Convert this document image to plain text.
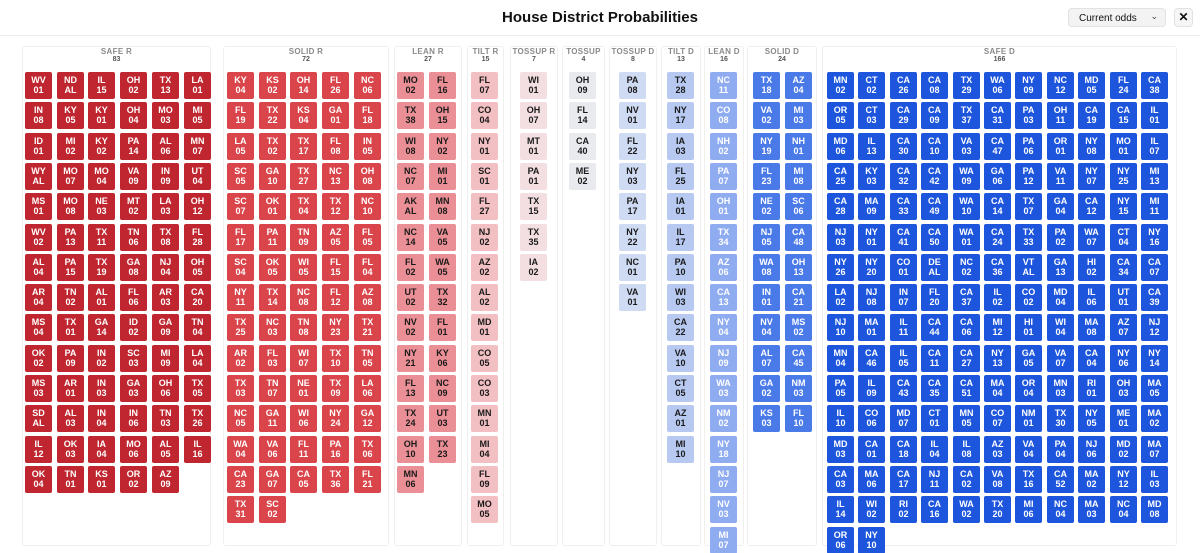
House District Probabilities	Current odds ⌄	✕
SAFE R
83
WV
01
ND
AL
IL
15
OH
02
TX
13
LA
01
IN
08
KY
05
KY
01
OH
04
MO
03
MI
05
ID
01
MI
02
KY
02
PA
14
AL
06
MN
07
WY
AL
MO
07
MO
04
VA
09
IN
09
UT
04
MS
01
MO
08
NE
03
MT
02
LA
03
OH
12
WV
02
PA
13
TX
11
TN
06
TX
08
FL
28
AL
04
PA
15
TX
19
GA
08
NJ
04
OH
05
AR
04
TN
02
AL
01
FL
06
AR
03
CA
20
MS
04
TX
01
GA
14
ID
02
GA
09
TN
04
OK
02
PA
09
IN
02
SC
03
MI
09
LA
04
MS
03
AR
01
IN
03
GA
03
OH
06
TX
05
SD
AL
AL
03
IN
04
IN
06
TN
03
TX
26
IL
12
OK
03
IA
04
MO
06
AL
05
IL
16
OK
04
TN
01
KS
01
OR
02
AZ
09
SOLID R
72
KY
04
KS
02
OH
14
FL
26
NC
06
FL
19
TX
22
KS
04
GA
01
FL
18
LA
05
TX
02
TX
17
FL
08
IN
05
SC
05
GA
10
TX
27
NC
13
OH
08
SC
07
OK
01
TX
04
TX
12
NC
10
FL
17
PA
11
TN
09
AZ
05
FL
05
SC
04
OK
05
WI
05
FL
15
FL
04
NY
11
TX
14
NC
08
FL
12
AZ
08
TX
25
NC
03
TN
08
NY
23
TX
21
AR
02
FL
03
WI
07
TX
10
TN
05
TX
03
TN
07
NE
01
TX
09
LA
06
NC
05
GA
11
WI
06
NY
24
GA
12
WA
04
VA
06
FL
11
PA
16
TX
06
CA
23
GA
07
CA
05
TX
36
FL
21
TX
31
SC
02
LEAN R
27
MO
02
FL
16
TX
38
OH
15
WI
08
NY
02
NC
07
MI
01
AK
AL
MN
08
NC
14
VA
05
FL
02
WA
05
UT
02
TX
32
NV
02
FL
01
NY
21
KY
06
FL
13
NC
09
TX
24
UT
03
OH
10
TX
23
MN
06
TILT R
15
FL
07
CO
04
NY
01
SC
01
FL
27
NJ
02
AZ
02
AL
02
MD
01
CO
05
CO
03
MN
01
MI
04
FL
09
MO
05
TOSSUP R
7
WI
01
OH
07
MT
01
PA
01
TX
15
TX
35
IA
02
TOSSUP
4
OH
09
FL
14
CA
40
ME
02
TOSSUP D
8
PA
08
NV
01
FL
22
NY
03
PA
17
NY
22
NC
01
VA
01
TILT D
13
TX
28
NY
17
IA
03
FL
25
IA
01
IL
17
PA
10
WI
03
CA
22
VA
10
CT
05
AZ
01
MI
10
LEAN D
16
NC
11
CO
08
NH
02
PA
07
OH
01
TX
34
AZ
06
CA
13
NY
04
NJ
09
WA
03
NM
02
NY
18
NJ
07
NV
03
MI
07
SOLID D
24
TX
18
AZ
04
VA
02
MI
03
NY
19
NH
01
FL
23
MI
08
NE
02
SC
06
NJ
05
CA
48
WA
08
OH
13
IN
01
CA
21
NV
04
MS
02
AL
07
CA
45
GA
02
NM
03
KS
03
FL
10
SAFE D
166
MN
02
CT
02
CA
26
CA
08
TX
29
WA
06
NY
09
NC
12
MD
05
FL
24
CA
38
OR
05
CT
03
CA
29
CA
09
TX
37
CA
31
PA
03
OH
11
CA
19
CA
15
IL
01
MD
06
IL
13
CA
30
CA
10
VA
03
CA
47
PA
06
OR
01
NY
08
MO
01
IL
07
CA
25
KY
03
CA
32
CA
42
WA
09
GA
06
PA
12
VA
11
NY
07
NY
25
MI
13
CA
28
MA
09
CA
33
CA
49
WA
10
CA
14
TX
07
GA
04
CA
12
NY
15
MI
11
NJ
03
NY
01
CA
41
CA
50
WA
01
CA
24
TX
33
PA
02
WA
07
CT
04
NY
16
NY
26
NY
20
CO
01
DE
AL
NC
02
CA
36
VT
AL
GA
13
HI
02
CA
34
CA
07
LA
02
NJ
08
IN
07
FL
20
CA
37
IL
02
CO
02
MD
04
IL
06
UT
01
CA
39
NJ
10
MA
01
IL
11
CA
44
CA
06
MI
12
HI
01
WI
04
MA
08
AZ
07
NJ
12
MN
04
CA
46
IL
05
CA
11
CA
27
NY
13
GA
05
VA
07
CA
04
NY
06
NY
14
PA
05
IL
09
CA
43
CA
35
CA
51
MA
04
OR
04
MN
03
RI
01
OH
03
MA
05
IL
10
CO
06
MD
07
CT
01
MN
05
CO
07
NM
01
TX
30
NY
05
ME
01
MA
02
MD
03
CA
01
CA
18
IL
04
IL
08
AZ
03
VA
04
PA
04
NJ
06
MD
02
MA
07
CA
03
MA
06
CA
17
NJ
11
CA
02
VA
08
TX
16
CA
52
MA
02
NY
12
IL
03
IL
14
WI
02
RI
02
CA
16
WA
02
TX
20
MI
06
NC
04
MA
03
NC
04
MD
08
OR
06
NY
10
